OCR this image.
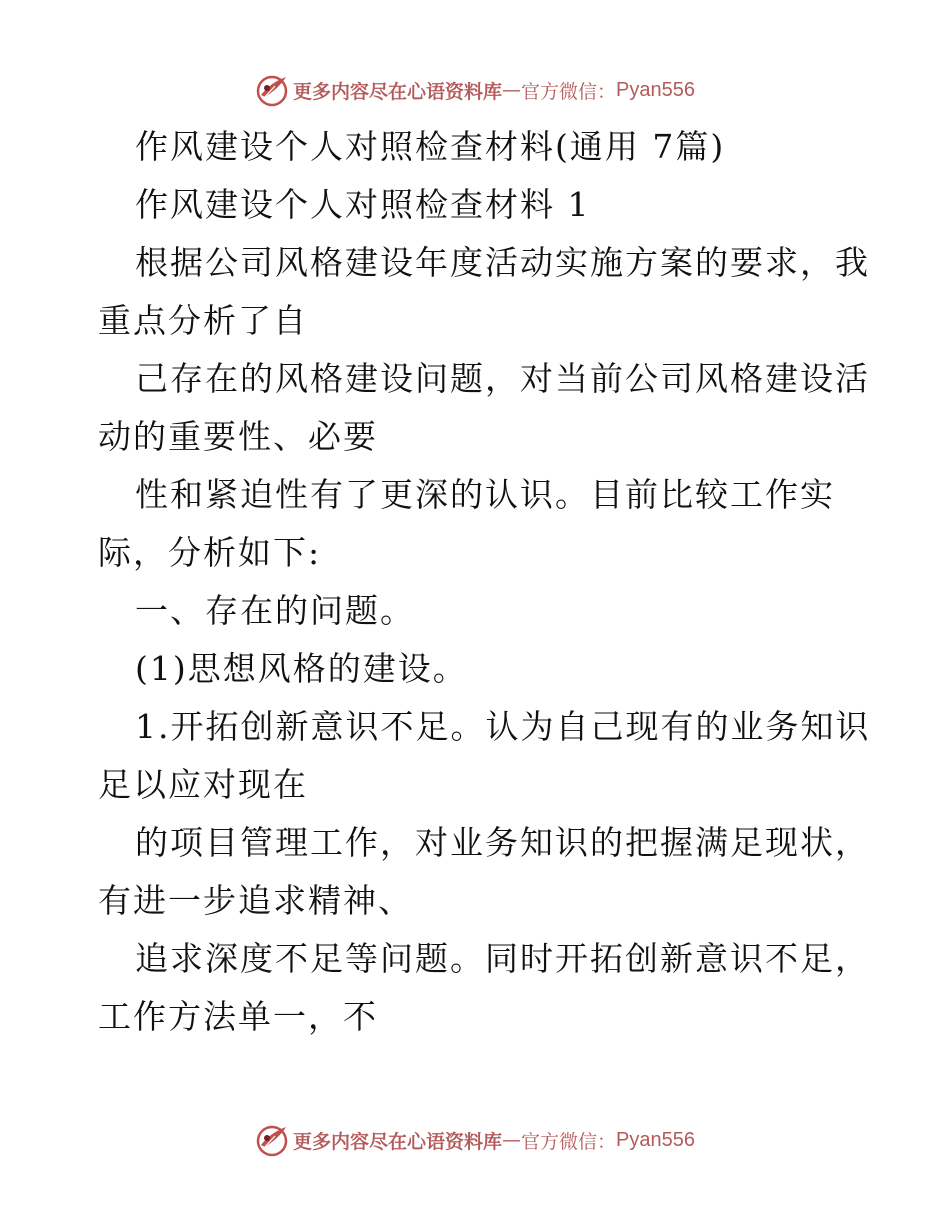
更多内容尽在心语资料库 — 官方微信： Pyan556
作风建设个人对照检查材料(通用 7篇)
作风建设个人对照检查材料 1
根据公司风格建设年度活动实施方案的要求，我
重点分析了自
己存在的风格建设问题，对当前公司风格建设活
动的重要性、必要
性和紧迫性有了更深的认识。目前比较工作实
际，分析如下:
一、存在的问题。
(1)思想风格的建设。
1.开拓创新意识不足。认为自己现有的业务知识
足以应对现在
的项目管理工作，对业务知识的把握满足现状，
有进一步追求精神、
追求深度不足等问题。同时开拓创新意识不足，
工作方法单一，不
更多内容尽在心语资料库 — 官方微信： Pyan556
